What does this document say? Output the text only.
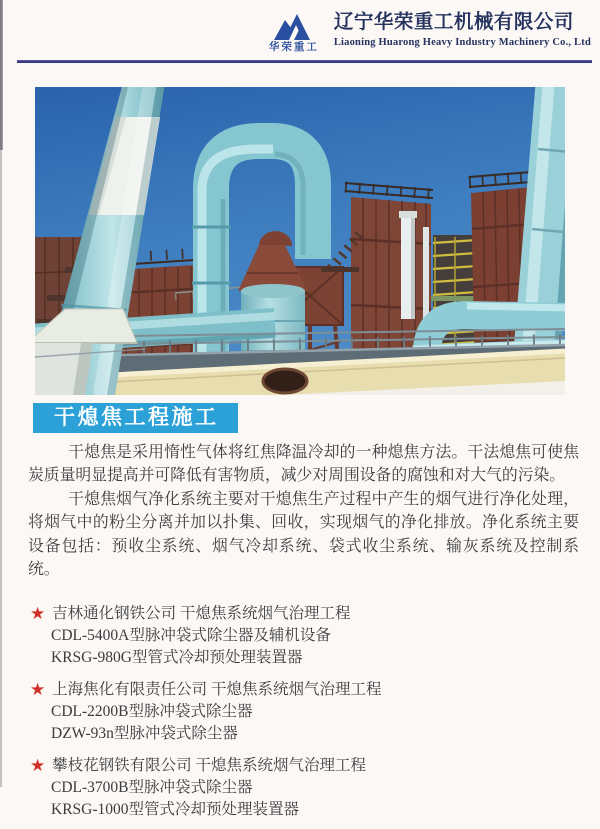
华荣重工
辽宁华荣重工机械有限公司
Liaoning Huarong Heavy Industry Machinery Co., Ltd
干熄焦工程施工

干熄焦是采用惰性气体将红焦降温冷却的一种熄焦方法。干法熄焦可使焦炭质量明显提高并可降低有害物质，减少对周围设备的腐蚀和对大气的污染。

干熄焦烟气净化系统主要对干熄焦生产过程中产生的烟气进行净化处理，将烟气中的粉尘分离并加以扑集、回收，实现烟气的净化排放。净化系统主要设备包括：预收尘系统、烟气冷却系统、袋式收尘系统、输灰系统及控制系统。

★ 吉林通化钢铁公司 干熄焦系统烟气治理工程
CDL-5400A型脉冲袋式除尘器及辅机设备
KRSG-980G型管式冷却预处理装置器
★ 上海焦化有限责任公司 干熄焦系统烟气治理工程
CDL-2200B型脉冲袋式除尘器
DZW-93n型脉冲袋式除尘器
★ 攀枝花钢铁有限公司 干熄焦系统烟气治理工程
CDL-3700B型脉冲袋式除尘器
KRSG-1000型管式冷却预处理装置器
